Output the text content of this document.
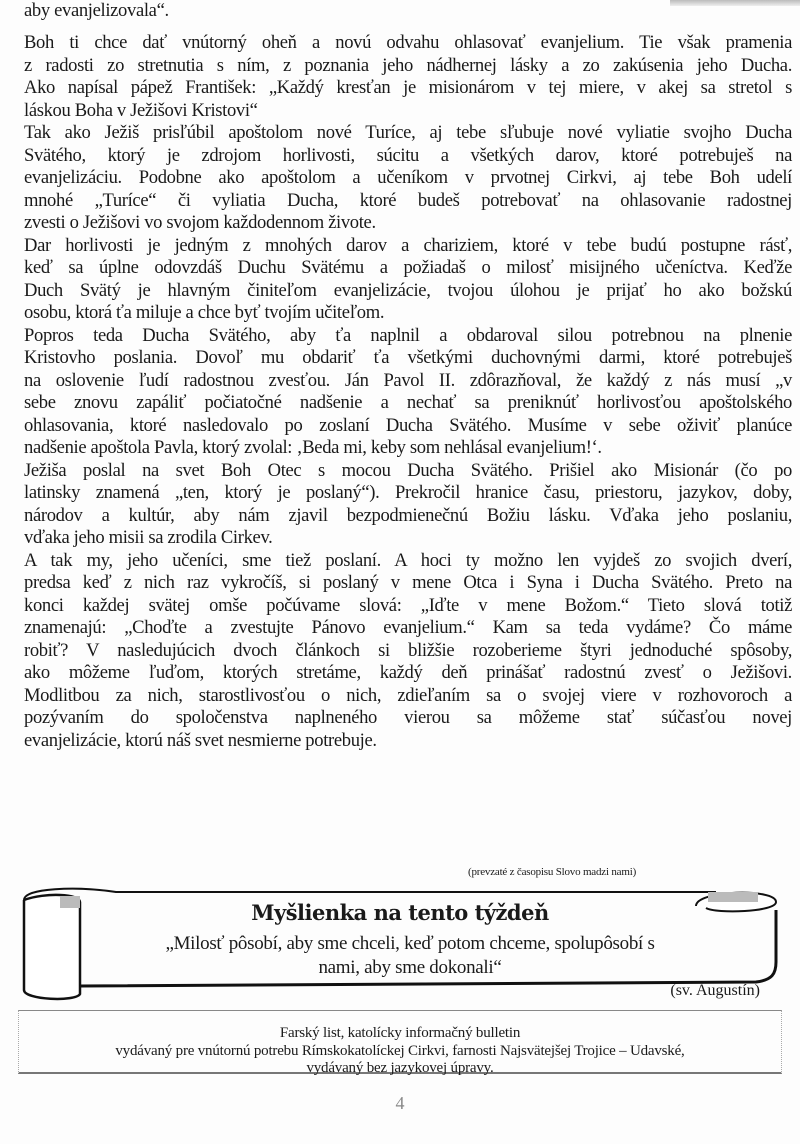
aby evanjelizovala“.
Boh ti chce dať vnútorný oheň a novú odvahu ohlasovať evanjelium. Tie však pramenia
z radosti zo stretnutia s ním, z poznania jeho nádhernej lásky a zo zakúsenia jeho Ducha.
Ako napísal pápež František: „Každý kresťan je misionárom v tej miere, v akej sa stretol s
láskou Boha v Ježišovi Kristovi“
Tak ako Ježiš prisľúbil apoštolom nové Turíce, aj tebe sľubuje nové vyliatie svojho Ducha
Svätého, ktorý je zdrojom horlivosti, súcitu a všetkých darov, ktoré potrebuješ na
evanjelizáciu. Podobne ako apoštolom a učeníkom v prvotnej Cirkvi, aj tebe Boh udelí
mnohé „Turíce“ či vyliatia Ducha, ktoré budeš potrebovať na ohlasovanie radostnej
zvesti o Ježišovi vo svojom každodennom živote.
Dar horlivosti je jedným z mnohých darov a chariziem, ktoré v tebe budú postupne rásť,
keď sa úplne odovzdáš Duchu Svätému a požiadaš o milosť misijného učeníctva. Keďže
Duch Svätý je hlavným činiteľom evanjelizácie, tvojou úlohou je prijať ho ako božskú
osobu, ktorá ťa miluje a chce byť tvojím učiteľom.
Popros teda Ducha Svätého, aby ťa naplnil a obdaroval silou potrebnou na plnenie
Kristovho poslania. Dovoľ mu obdariť ťa všetkými duchovnými darmi, ktoré potrebuješ
na oslovenie ľudí radostnou zvesťou. Ján Pavol II. zdôrazňoval, že každý z nás musí „v
sebe znovu zapáliť počiatočné nadšenie a nechať sa preniknúť horlivosťou apoštolského
ohlasovania, ktoré nasledovalo po zoslaní Ducha Svätého. Musíme v sebe oživiť planúce
nadšenie apoštola Pavla, ktorý zvolal: ‚Beda mi, keby som nehlásal evanjelium!‘.
Ježiša poslal na svet Boh Otec s mocou Ducha Svätého. Prišiel ako Misionár (čo po
latinsky znamená „ten, ktorý je poslaný“). Prekročil hranice času, priestoru, jazykov, doby,
národov a kultúr, aby nám zjavil bezpodmienečnú Božiu lásku. Vďaka jeho poslaniu,
vďaka jeho misii sa zrodila Cirkev.
A tak my, jeho učeníci, sme tiež poslaní. A hoci ty možno len vyjdeš zo svojich dverí,
predsa keď z nich raz vykročíš, si poslaný v mene Otca i Syna i Ducha Svätého. Preto na
konci každej svätej omše počúvame slová: „Iďte v mene Božom.“ Tieto slová totiž
znamenajú: „Choďte a zvestujte Pánovo evanjelium.“ Kam sa teda vydáme? Čo máme
robiť? V nasledujúcich dvoch článkoch si bližšie rozoberieme štyri jednoduché spôsoby,
ako môžeme ľuďom, ktorých stretáme, každý deň prinášať radostnú zvesť o Ježišovi.
Modlitbou za nich, starostlivosťou o nich, zdieľaním sa o svojej viere v rozhovoroch a
pozývaním do spoločenstva naplneného vierou sa môžeme stať súčasťou novej
evanjelizácie, ktorú náš svet nesmierne potrebuje.
(prevzaté z časopisu Slovo madzi nami)
Myšlienka na tento týždeň
„Milosť pôsobí, aby sme chceli, keď potom chceme, spolupôsobí s
nami, aby sme dokonali“
(sv. Augustín)
Farský list, katolícky informačný bulletin
vydávaný pre vnútornú potrebu Rímskokatolíckej Cirkvi, farnosti Najsvätejšej Trojice – Udavské,
vydávaný bez jazykovej úpravy.
4
